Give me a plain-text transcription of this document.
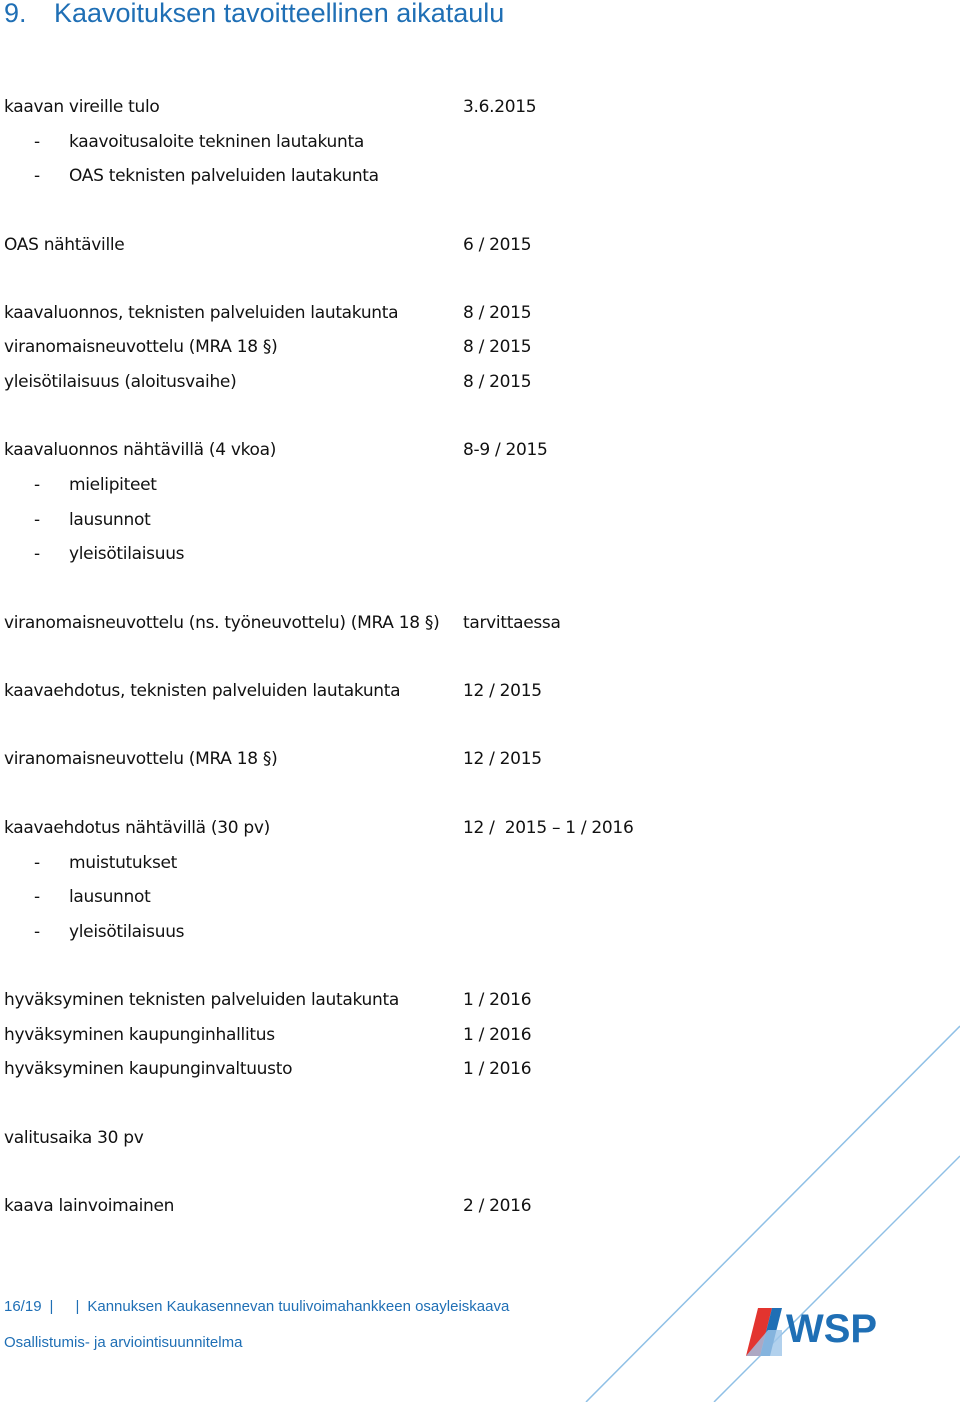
9. Kaavoituksen tavoitteellinen aikataulu
kaavan vireille tulo	3.6.2015
- kaavoitusaloite tekninen lautakunta
- OAS teknisten palveluiden lautakunta
OAS nähtäville	6 / 2015
kaavaluonnos, teknisten palveluiden lautakunta	8 / 2015
viranomaisneuvottelu (MRA 18 §)	8 / 2015
yleisötilaisuus (aloitusvaihe)	8 / 2015
kaavaluonnos nähtävillä (4 vkoa)	8-9 / 2015
- mielipiteet
- lausunnot
- yleisötilaisuus
viranomaisneuvottelu (ns. työneuvottelu) (MRA 18 §) tarvittaessa
kaavaehdotus, teknisten palveluiden lautakunta	12 / 2015
viranomaisneuvottelu (MRA 18 §)	12 / 2015
kaavaehdotus nähtävillä (30 pv)	12 /  2015 – 1 / 2016
- muistutukset
- lausunnot
- yleisötilaisuus
hyväksyminen teknisten palveluiden lautakunta	1 / 2016
hyväksyminen kaupunginhallitus	1 / 2016
hyväksyminen kaupunginvaltuusto	1 / 2016
valitusaika 30 pv
kaava lainvoimainen	2 / 2016
16/19 | | Kannuksen Kaukasennevan tuulivoimahankkeen osayleiskaava
Osallistumis- ja arviointisuunnitelma	WSP
